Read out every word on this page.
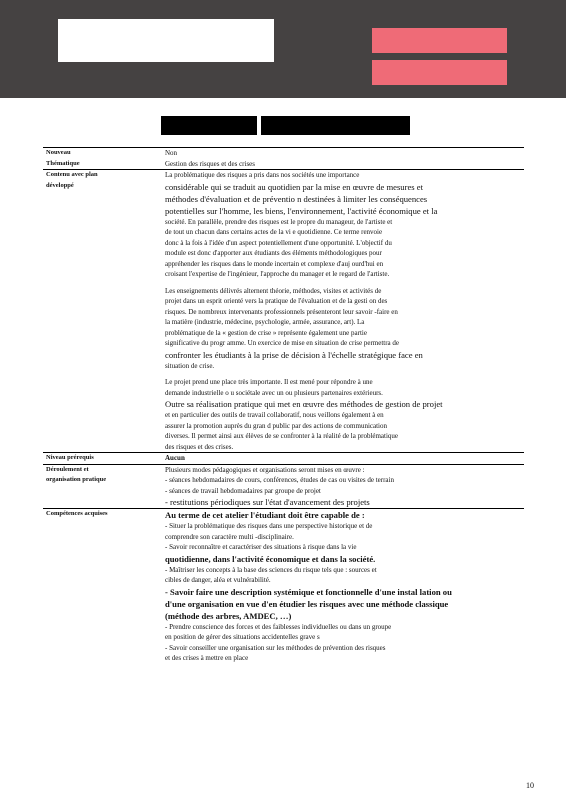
Nouveau
Thématique
Non
Gestion des risques et des crises
Contenu avec plan
développé

La problématique des risques a pris dans nos sociétés une importance
considérable qui se traduit au quotidien par la mise en œuvre de mesures et
méthodes d'évaluation et de préventio n destinées à limiter les conséquences
potentielles sur l'homme, les biens, l'environnement, l'activité économique et la
société. En parallèle, prendre des risques est le propre du manageur, de l'artiste et
de tout un chacun dans certains actes de la vi e quotidienne. Ce terme renvoie
donc à la fois à l'idée d'un aspect potentiellement d'une opportunité. L'objectif du
module est donc d'apporter aux étudiants des éléments méthodologiques pour
appréhender les risques dans le monde incertain et complexe d'auj ourd'hui en
croisant l'expertise de l'ingénieur, l'approche du manager et le regard de l'artiste.

Les enseignements délivrés alternent théorie, méthodes, visites et activités de
projet dans un esprit orienté vers la pratique de l'évaluation et de la gesti on des
risques. De nombreux intervenants professionnels présenteront leur savoir -faire en
la matière (industrie, médecine, psychologie, armée, assurance, art). La
problématique de la « gestion de crise » représente également une partie
significative du progr amme. Un exercice de mise en situation de crise permettra de
confronter les étudiants à la prise de décision à l'échelle stratégique face en
situation de crise.

Le projet prend une place très importante. Il est mené pour répondre à une
demande industrielle o u sociétale avec un ou plusieurs partenaires extérieurs.
Outre sa réalisation pratique qui met en œuvre des méthodes de gestion de projet
et en particulier des outils de travail collaboratif, nous veillons également à en
assurer la promotion auprès du gran d public par des actions de communication
diverses. Il permet ainsi aux élèves de se confronter à la réalité de la problématique
des risques et des crises.

Niveau prérequis	Aucun
Déroulement et
organisation pratique
Plusieurs modes pédagogiques et organisations seront mises en œuvre :
- séances hebdomadaires de cours, conférences, études de cas ou visites de terrain
- séances de travail hebdomadaires par groupe de projet
- restitutions périodiques sur l'état d'avancement des projets
Compétences acquises	Au terme de cet atelier l'étudiant doit être capable de :
- Situer la problématique des risques dans une perspective historique et de
comprendre son caractère multi -disciplinaire.
- Savoir reconnaître et caractériser des situations à risque dans la vie
quotidienne, dans l'activité économique et dans la société.
- Maîtriser les concepts à la base des sciences du risque tels que : sources et
cibles de danger, aléa et vulnérabilité.
- Savoir faire une description systémique et fonctionnelle d'une instal lation ou
d'une organisation en vue d'en étudier les risques avec une méthode classique
(méthode des arbres, AMDEC, …)
- Prendre conscience des forces et des faiblesses individuelles ou dans un groupe
en position de gérer des situations accidentelles grave s
- Savoir conseiller une organisation sur les méthodes de prévention des risques
et des crises à mettre en place
10
